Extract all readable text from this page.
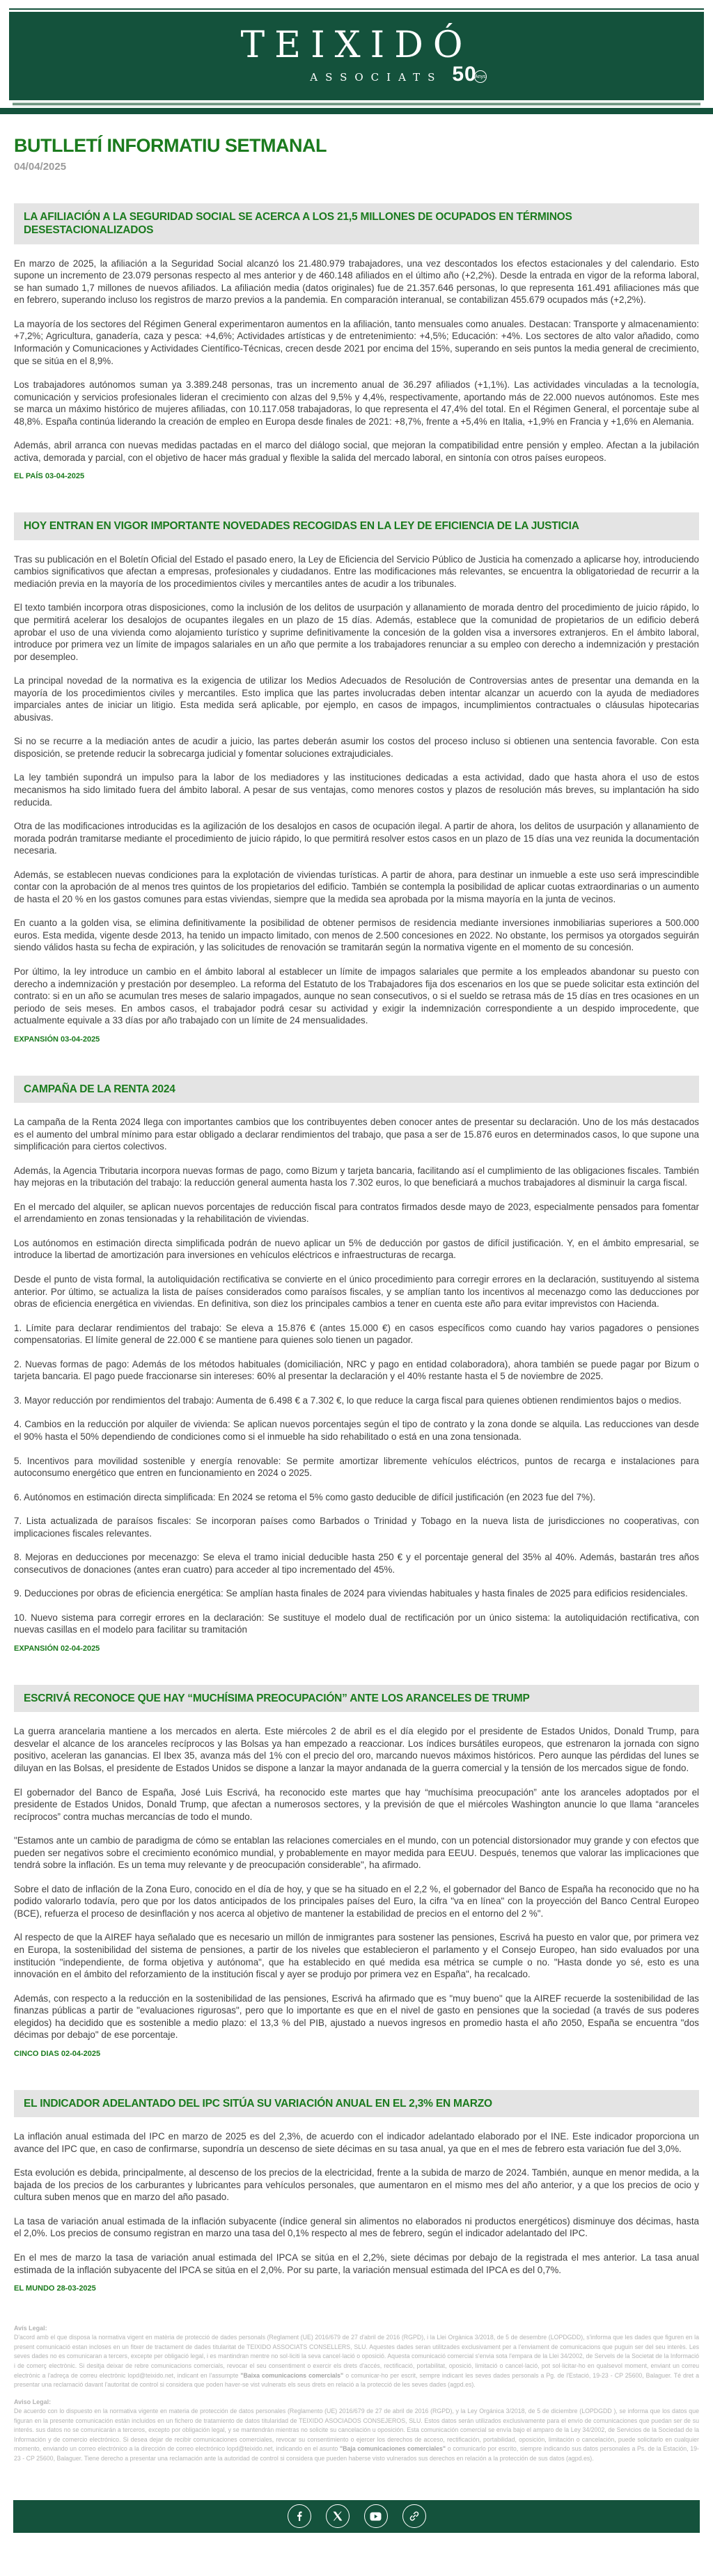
TEIXIDÓ
ASSOCIATS 50
Anys
BUTLLETÍ INFORMATIU SETMANAL

04/04/2025

LA AFILIACIÓN A LA SEGURIDAD SOCIAL SE ACERCA A LOS 21,5 MILLONES DE OCUPADOS EN TÉRMINOS DESESTACIONALIZADOS

En marzo de 2025, la afiliación a la Seguridad Social alcanzó los 21.480.979 trabajadores, una vez descontados los efectos estacionales y del calendario. Esto supone un incremento de 23.079 personas respecto al mes anterior y de 460.148 afiliados en el último año (+2,2%). Desde la entrada en vigor de la reforma laboral, se han sumado 1,7 millones de nuevos afiliados. La afiliación media (datos originales) fue de 21.357.646 personas, lo que representa 161.491 afiliaciones más que en febrero, superando incluso los registros de marzo previos a la pandemia. En comparación interanual, se contabilizan 455.679 ocupados más (+2,2%).

La mayoría de los sectores del Régimen General experimentaron aumentos en la afiliación, tanto mensuales como anuales. Destacan: Transporte y almacenamiento: +7,2%; Agricultura, ganadería, caza y pesca: +4,6%; Actividades artísticas y de entretenimiento: +4,5%; Educación: +4%. Los sectores de alto valor añadido, como Información y Comunicaciones y Actividades Científico-Técnicas, crecen desde 2021 por encima del 15%, superando en seis puntos la media general de crecimiento, que se sitúa en el 8,9%.

Los trabajadores autónomos suman ya 3.389.248 personas, tras un incremento anual de 36.297 afiliados (+1,1%). Las actividades vinculadas a la tecnología, comunicación y servicios profesionales lideran el crecimiento con alzas del 9,5% y 4,4%, respectivamente, aportando más de 22.000 nuevos autónomos. Este mes se marca un máximo histórico de mujeres afiliadas, con 10.117.058 trabajadoras, lo que representa el 47,4% del total. En el Régimen General, el porcentaje sube al 48,8%. España continúa liderando la creación de empleo en Europa desde finales de 2021: +8,7%, frente a +5,4% en Italia, +1,9% en Francia y +1,6% en Alemania.

Además, abril arranca con nuevas medidas pactadas en el marco del diálogo social, que mejoran la compatibilidad entre pensión y empleo. Afectan a la jubilación activa, demorada y parcial, con el objetivo de hacer más gradual y flexible la salida del mercado laboral, en sintonía con otros países europeos.

EL PAÍS 03-04-2025

HOY ENTRAN EN VIGOR IMPORTANTE NOVEDADES RECOGIDAS EN LA LEY DE EFICIENCIA DE LA JUSTICIA

Tras su publicación en el Boletín Oficial del Estado el pasado enero, la Ley de Eficiencia del Servicio Público de Justicia ha comenzado a aplicarse hoy, introduciendo cambios significativos que afectan a empresas, profesionales y ciudadanos. Entre las modificaciones más relevantes, se encuentra la obligatoriedad de recurrir a la mediación previa en la mayoría de los procedimientos civiles y mercantiles antes de acudir a los tribunales.

El texto también incorpora otras disposiciones, como la inclusión de los delitos de usurpación y allanamiento de morada dentro del procedimiento de juicio rápido, lo que permitirá acelerar los desalojos de ocupantes ilegales en un plazo de 15 días. Además, establece que la comunidad de propietarios de un edificio deberá aprobar el uso de una vivienda como alojamiento turístico y suprime definitivamente la concesión de la golden visa a inversores extranjeros. En el ámbito laboral, introduce por primera vez un límite de impagos salariales en un año que permite a los trabajadores renunciar a su empleo con derecho a indemnización y prestación por desempleo.

La principal novedad de la normativa es la exigencia de utilizar los Medios Adecuados de Resolución de Controversias antes de presentar una demanda en la mayoría de los procedimientos civiles y mercantiles. Esto implica que las partes involucradas deben intentar alcanzar un acuerdo con la ayuda de mediadores imparciales antes de iniciar un litigio. Esta medida será aplicable, por ejemplo, en casos de impagos, incumplimientos contractuales o cláusulas hipotecarias abusivas.

Si no se recurre a la mediación antes de acudir a juicio, las partes deberán asumir los costos del proceso incluso si obtienen una sentencia favorable. Con esta disposición, se pretende reducir la sobrecarga judicial y fomentar soluciones extrajudiciales.

La ley también supondrá un impulso para la labor de los mediadores y las instituciones dedicadas a esta actividad, dado que hasta ahora el uso de estos mecanismos ha sido limitado fuera del ámbito laboral. A pesar de sus ventajas, como menores costos y plazos de resolución más breves, su implantación ha sido reducida.

Otra de las modificaciones introducidas es la agilización de los desalojos en casos de ocupación ilegal. A partir de ahora, los delitos de usurpación y allanamiento de morada podrán tramitarse mediante el procedimiento de juicio rápido, lo que permitirá resolver estos casos en un plazo de 15 días una vez reunida la documentación necesaria.

Además, se establecen nuevas condiciones para la explotación de viviendas turísticas. A partir de ahora, para destinar un inmueble a este uso será imprescindible contar con la aprobación de al menos tres quintos de los propietarios del edificio. También se contempla la posibilidad de aplicar cuotas extraordinarias o un aumento de hasta el 20 % en los gastos comunes para estas viviendas, siempre que la medida sea aprobada por la misma mayoría en la junta de vecinos.

En cuanto a la golden visa, se elimina definitivamente la posibilidad de obtener permisos de residencia mediante inversiones inmobiliarias superiores a 500.000 euros. Esta medida, vigente desde 2013, ha tenido un impacto limitado, con menos de 2.500 concesiones en 2022. No obstante, los permisos ya otorgados seguirán siendo válidos hasta su fecha de expiración, y las solicitudes de renovación se tramitarán según la normativa vigente en el momento de su concesión.

Por último, la ley introduce un cambio en el ámbito laboral al establecer un límite de impagos salariales que permite a los empleados abandonar su puesto con derecho a indemnización y prestación por desempleo. La reforma del Estatuto de los Trabajadores fija dos escenarios en los que se puede solicitar esta extinción del contrato: si en un año se acumulan tres meses de salario impagados, aunque no sean consecutivos, o si el sueldo se retrasa más de 15 días en tres ocasiones en un periodo de seis meses. En ambos casos, el trabajador podrá cesar su actividad y exigir la indemnización correspondiente a un despido improcedente, que actualmente equivale a 33 días por año trabajado con un límite de 24 mensualidades.

EXPANSIÓN 03-04-2025

CAMPAÑA DE LA RENTA 2024

La campaña de la Renta 2024 llega con importantes cambios que los contribuyentes deben conocer antes de presentar su declaración. Uno de los más destacados es el aumento del umbral mínimo para estar obligado a declarar rendimientos del trabajo, que pasa a ser de 15.876 euros en determinados casos, lo que supone una simplificación para ciertos colectivos.

Además, la Agencia Tributaria incorpora nuevas formas de pago, como Bizum y tarjeta bancaria, facilitando así el cumplimiento de las obligaciones fiscales. También hay mejoras en la tributación del trabajo: la reducción general aumenta hasta los 7.302 euros, lo que beneficiará a muchos trabajadores al disminuir la carga fiscal.

En el mercado del alquiler, se aplican nuevos porcentajes de reducción fiscal para contratos firmados desde mayo de 2023, especialmente pensados para fomentar el arrendamiento en zonas tensionadas y la rehabilitación de viviendas.

Los autónomos en estimación directa simplificada podrán de nuevo aplicar un 5% de deducción por gastos de difícil justificación. Y, en el ámbito empresarial, se introduce la libertad de amortización para inversiones en vehículos eléctricos e infraestructuras de recarga.

Desde el punto de vista formal, la autoliquidación rectificativa se convierte en el único procedimiento para corregir errores en la declaración, sustituyendo al sistema anterior. Por último, se actualiza la lista de países considerados como paraísos fiscales, y se amplían tanto los incentivos al mecenazgo como las deducciones por obras de eficiencia energética en viviendas. En definitiva, son diez los principales cambios a tener en cuenta este año para evitar imprevistos con Hacienda.

1. Límite para declarar rendimientos del trabajo: Se eleva a 15.876 € (antes 15.000 €) en casos específicos como cuando hay varios pagadores o pensiones compensatorias. El límite general de 22.000 € se mantiene para quienes solo tienen un pagador.

2. Nuevas formas de pago: Además de los métodos habituales (domiciliación, NRC y pago en entidad colaboradora), ahora también se puede pagar por Bizum o tarjeta bancaria. El pago puede fraccionarse sin intereses: 60% al presentar la declaración y el 40% restante hasta el 5 de noviembre de 2025.

3. Mayor reducción por rendimientos del trabajo: Aumenta de 6.498 € a 7.302 €, lo que reduce la carga fiscal para quienes obtienen rendimientos bajos o medios.

4. Cambios en la reducción por alquiler de vivienda: Se aplican nuevos porcentajes según el tipo de contrato y la zona donde se alquila. Las reducciones van desde el 90% hasta el 50% dependiendo de condiciones como si el inmueble ha sido rehabilitado o está en una zona tensionada.

5. Incentivos para movilidad sostenible y energía renovable: Se permite amortizar libremente vehículos eléctricos, puntos de recarga e instalaciones para autoconsumo energético que entren en funcionamiento en 2024 o 2025.

6. Autónomos en estimación directa simplificada: En 2024 se retoma el 5% como gasto deducible de difícil justificación (en 2023 fue del 7%).

7. Lista actualizada de paraísos fiscales: Se incorporan países como Barbados o Trinidad y Tobago en la nueva lista de jurisdicciones no cooperativas, con implicaciones fiscales relevantes.

8. Mejoras en deducciones por mecenazgo: Se eleva el tramo inicial deducible hasta 250 € y el porcentaje general del 35% al 40%. Además, bastarán tres años consecutivos de donaciones (antes eran cuatro) para acceder al tipo incrementado del 45%.

9. Deducciones por obras de eficiencia energética: Se amplían hasta finales de 2024 para viviendas habituales y hasta finales de 2025 para edificios residenciales.

10. Nuevo sistema para corregir errores en la declaración: Se sustituye el modelo dual de rectificación por un único sistema: la autoliquidación rectificativa, con nuevas casillas en el modelo para facilitar su tramitación

EXPANSIÓN 02-04-2025

ESCRIVÁ RECONOCE QUE HAY “MUCHÍSIMA PREOCUPACIÓN” ANTE LOS ARANCELES DE TRUMP

La guerra arancelaria mantiene a los mercados en alerta. Este miércoles 2 de abril es el día elegido por el presidente de Estados Unidos, Donald Trump, para desvelar el alcance de los aranceles recíprocos y las Bolsas ya han empezado a reaccionar. Los índices bursátiles europeos, que estrenaron la jornada con signo positivo, aceleran las ganancias. El Ibex 35, avanza más del 1% con el precio del oro, marcando nuevos máximos históricos. Pero aunque las pérdidas del lunes se diluyan en las Bolsas, el presidente de Estados Unidos se dispone a lanzar la mayor andanada de la guerra comercial y la tensión de los mercados sigue de fondo.

El gobernador del Banco de España, José Luis Escrivá, ha reconocido este martes que hay “muchísima preocupación” ante los aranceles adoptados por el presidente de Estados Unidos, Donald Trump, que afectan a numerosos sectores, y la previsión de que el miércoles Washington anuncie lo que llama “aranceles recíprocos” contra muchas mercancías de todo el mundo.

"Estamos ante un cambio de paradigma de cómo se entablan las relaciones comerciales en el mundo, con un potencial distorsionador muy grande y con efectos que pueden ser negativos sobre el crecimiento económico mundial, y probablemente en mayor medida para EEUU. Después, tenemos que valorar las implicaciones que tendrá sobre la inflación. Es un tema muy relevante y de preocupación considerable", ha afirmado.

Sobre el dato de inflación de la Zona Euro, conocido en el día de hoy, y que se ha situado en el 2,2 %, el gobernador del Banco de España ha reconocido que no ha podido valorarlo todavía, pero que por los datos anticipados de los principales países del Euro, la cifra "va en línea" con la proyección del Banco Central Europeo (BCE), refuerza el proceso de desinflación y nos acerca al objetivo de mantener la estabilidad de precios en el entorno del 2 %".

Al respecto de que la AIREF haya señalado que es necesario un millón de inmigrantes para sostener las pensiones, Escrivá ha puesto en valor que, por primera vez en Europa, la sostenibilidad del sistema de pensiones, a partir de los niveles que establecieron el parlamento y el Consejo Europeo, han sido evaluados por una institución "independiente, de forma objetiva y autónoma", que ha establecido en qué medida esa métrica se cumple o no. "Hasta donde yo sé, esto es una innovación en el ámbito del reforzamiento de la institución fiscal y ayer se produjo por primera vez en España", ha recalcado.

Además, con respecto a la reducción en la sostenibilidad de las pensiones, Escrivá ha afirmado que es "muy bueno" que la AIREF recuerde la sostenibilidad de las finanzas públicas a partir de "evaluaciones rigurosas", pero que lo importante es que en el nivel de gasto en pensiones que la sociedad (a través de sus poderes elegidos) ha decidido que es sostenible a medio plazo: el 13,3 % del PIB, ajustado a nuevos ingresos en promedio hasta el año 2050, España se encuentra "dos décimas por debajo" de ese porcentaje.

CINCO DIAS 02-04-2025

EL INDICADOR ADELANTADO DEL IPC SITÚA SU VARIACIÓN ANUAL EN EL 2,3% EN MARZO

La inflación anual estimada del IPC en marzo de 2025 es del 2,3%, de acuerdo con el indicador adelantado elaborado por el INE. Este indicador proporciona un avance del IPC que, en caso de confirmarse, supondría un descenso de siete décimas en su tasa anual, ya que en el mes de febrero esta variación fue del 3,0%.

Esta evolución es debida, principalmente, al descenso de los precios de la electricidad, frente a la subida de marzo de 2024. También, aunque en menor medida, a la bajada de los precios de los carburantes y lubricantes para vehículos personales, que aumentaron en el mismo mes del año anterior, y a que los precios de ocio y cultura suben menos que en marzo del año pasado.

La tasa de variación anual estimada de la inflación subyacente (índice general sin alimentos no elaborados ni productos energéticos) disminuye dos décimas, hasta el 2,0%. Los precios de consumo registran en marzo una tasa del 0,1% respecto al mes de febrero, según el indicador adelantado del IPC.

En el mes de marzo la tasa de variación anual estimada del IPCA se sitúa en el 2,2%, siete décimas por debajo de la registrada el mes anterior. La tasa anual estimada de la inflación subyacente del IPCA se sitúa en el 2,0%. Por su parte, la variación mensual estimada del IPCA es del 0,7%.

EL MUNDO 28-03-2025

Avís Legal:

D'acord amb el que disposa la normativa vigent en matèria de protecció de dades personals (Reglament (UE) 2016/679 de 27 d'abril de 2016 (RGPD), i la Llei Orgànica 3/2018, de 5 de desembre (LOPDGDD), s'informa que les dades que figuren en la present comunicació estan incloses en un fitxer de tractament de dades titularitat de TEIXIDO ASSOCIATS CONSELLERS, SLU. Aquestes dades seran utilitzades exclusivament per a l'enviament de comunicacions que puguin ser del seu interès. Les seves dades no es comunicaran a tercers, excepte per obligació legal, i es mantindran mentre no sol·liciti la seva cancel·lació o oposició. Aquesta comunicació comercial s'envia sota l'empara de la Llei 34/2002, de Servels de la Societat de la Informació i de comerç electrònic. Si desitja deixar de rebre comunicacions comercials, revocar el seu consentiment o exercir els drets d'accés, rectificació, portabilitat, oposició, limitació o cancel·lació, pot sol·licitar-ho en qualsevol moment, enviant un correu electrònic a l'adreça de correu electrònic lopd@teixido.net, indicant en l'assumpte "Baixa comunicacions comercials" o comunicar-ho per escrit, sempre indicant les seves dades personals a Pg. de l'Estació, 19-23 - CP 25600, Balaguer. Té dret a presentar una reclamació davant l'autoritat de control si considera que poden haver-se vist vulnerats els seus drets en relació a la protecció de les seves dades (agpd.es).

Aviso Legal:

De acuerdo con lo dispuesto en la normativa vigente en materia de protección de datos personales (Reglamento (UE) 2016/679 de 27 de abril de 2016 (RGPD), y la Ley Orgánica 3/2018, de 5 de diciembre (LOPDGDD ), se informa que los datos que figuran en la presente comunicación están incluidos en un fichero de tratamiento de datos titularidad de TEIXIDO ASOCIADOS CONSEJEROS, SLU. Estos datos serán utilizados exclusivamente para el envío de comunicaciones que puedan ser de su interés. sus datos no se comunicarán a terceros, excepto por obligación legal, y se mantendrán mientras no solicite su cancelación u oposición. Esta comunicación comercial se envía bajo el amparo de la Ley 34/2002, de Servicios de la Sociedad de la Información y de comercio electrónico. Si desea dejar de recibir comunicaciones comerciales, revocar su consentimiento o ejercer los derechos de acceso, rectificación, portabilidad, oposición, limitación o cancelación, puede solicitarlo en cualquier momento, enviando un correo electrónico a la dirección de correo electrónico lopd@teixido.net, indicando en el asunto "Baja comunicaciones comerciales" o comunicarlo por escrito, siempre indicando sus datos personales a Ps. de la Estación, 19-23 - CP 25600, Balaguer. Tiene derecho a presentar una reclamación ante la autoridad de control si considera que pueden haberse visto vulnerados sus derechos en relación a la protección de sus datos (agpd.es).
